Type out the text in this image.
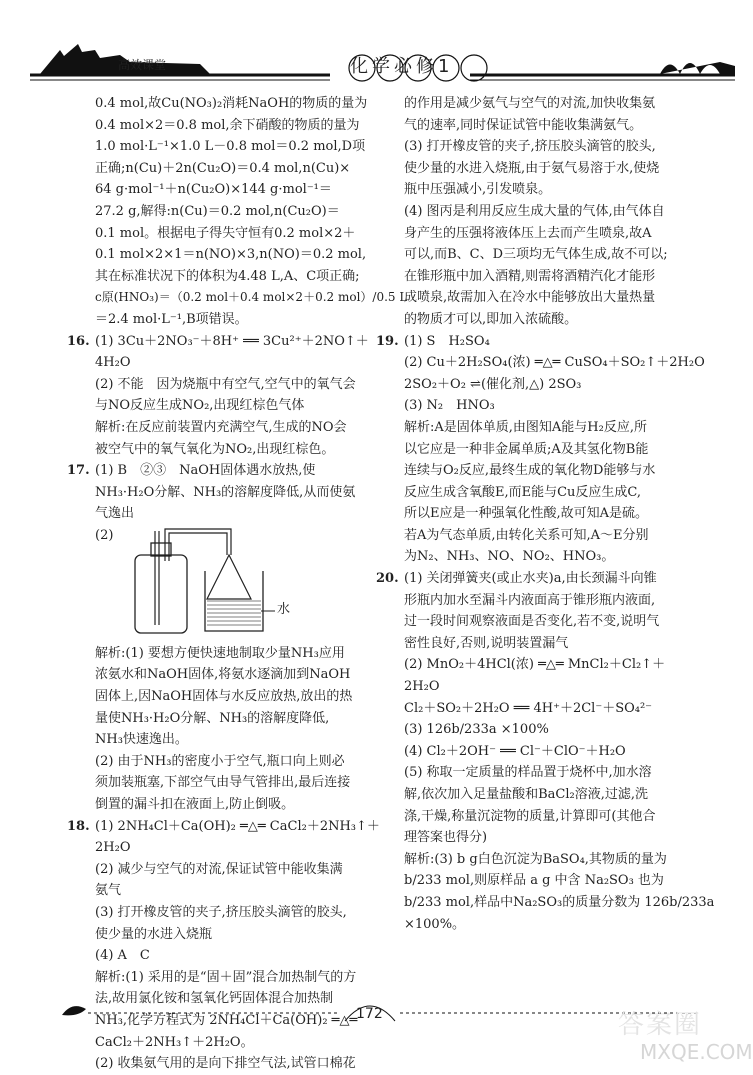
高效课堂	化学必修1
0.4 mol,故Cu(NO₃)₂消耗NaOH的物质的量为
0.4 mol×2＝0.8 mol,余下硝酸的物质的量为
1.0 mol·L⁻¹×1.0 L－0.8 mol＝0.2 mol,D项
正确;n(Cu)＋2n(Cu₂O)＝0.4 mol,n(Cu)×
64 g·mol⁻¹＋n(Cu₂O)×144 g·mol⁻¹＝
27.2 g,解得:n(Cu)＝0.2 mol,n(Cu₂O)＝
0.1 mol。根据电子得失守恒有0.2 mol×2＋
0.1 mol×2×1＝n(NO)×3,n(NO)＝0.2 mol,
其在标准状况下的体积为4.48 L,A、C项正确;
c原(HNO₃)＝（0.2 mol＋0.4 mol×2＋0.2 mol）/0.5 L
＝2.4 mol·L⁻¹,B项错误。
16. (1) 3Cu＋2NO₃⁻＋8H⁺ ══ 3Cu²⁺＋2NO↑＋
4H₂O
(2) 不能　因为烧瓶中有空气,空气中的氧气会
与NO反应生成NO₂,出现红棕色气体
解析:在反应前装置内充满空气,生成的NO会
被空气中的氧气氧化为NO₂,出现红棕色。
17. (1) B　②③　NaOH固体遇水放热,使
NH₃·H₂O分解、NH₃的溶解度降低,从而使氨
气逸出
(2)
水
解析:(1) 要想方便快速地制取少量NH₃应用
浓氨水和NaOH固体,将氨水逐滴加到NaOH
固体上,因NaOH固体与水反应放热,放出的热
量使NH₃·H₂O分解、NH₃的溶解度降低,
NH₃快速逸出。
(2) 由于NH₃的密度小于空气,瓶口向上则必
须加装瓶塞,下部空气由导气管排出,最后连接
倒置的漏斗扣在液面上,防止倒吸。
18. (1) 2NH₄Cl＋Ca(OH)₂ ═△═ CaCl₂＋2NH₃↑＋
2H₂O
(2) 减少与空气的对流,保证试管中能收集满
氨气
(3) 打开橡皮管的夹子,挤压胶头滴管的胶头,
使少量的水进入烧瓶
(4) A　C
解析:(1) 采用的是“固＋固”混合加热制气的方
法,故用氯化铵和氢氧化钙固体混合加热制
NH₃,化学方程式为 2NH₄Cl＋Ca(OH)₂ ═△═
CaCl₂＋2NH₃↑＋2H₂O。
(2) 收集氨气用的是向下排空气法,试管口棉花
的作用是减少氨气与空气的对流,加快收集氨
气的速率,同时保证试管中能收集满氨气。
(3) 打开橡皮管的夹子,挤压胶头滴管的胶头,
使少量的水进入烧瓶,由于氨气易溶于水,使烧
瓶中压强减小,引发喷泉。
(4) 图丙是利用反应生成大量的气体,由气体自
身产生的压强将液体压上去而产生喷泉,故A
可以,而B、C、D三项均无气体生成,故不可以;
在锥形瓶中加入酒精,则需将酒精汽化才能形
成喷泉,故需加入在冷水中能够放出大量热量
的物质才可以,即加入浓硫酸。
19. (1) S　H₂SO₄
(2) Cu＋2H₂SO₄(浓) ═△═ CuSO₄＋SO₂↑＋2H₂O
2SO₂＋O₂ ⇌(催化剂,△) 2SO₃
(3) N₂　HNO₃
解析:A是固体单质,由图知A能与H₂反应,所
以它应是一种非金属单质;A及其氢化物B能
连续与O₂反应,最终生成的氧化物D能够与水
反应生成含氧酸E,而E能与Cu反应生成C,
所以E应是一种强氧化性酸,故可知A是硫。
若A为气态单质,由转化关系可知,A～E分别
为N₂、NH₃、NO、NO₂、HNO₃。
20. (1) 关闭弹簧夹(或止水夹)a,由长颈漏斗向锥
形瓶内加水至漏斗内液面高于锥形瓶内液面,
过一段时间观察液面是否变化,若不变,说明气
密性良好,否则,说明装置漏气
(2) MnO₂＋4HCl(浓) ═△═ MnCl₂＋Cl₂↑＋
2H₂O
Cl₂＋SO₂＋2H₂O ══ 4H⁺＋2Cl⁻＋SO₄²⁻
(3) 126b/233a ×100%
(4) Cl₂＋2OH⁻ ══ Cl⁻＋ClO⁻＋H₂O
(5) 称取一定质量的样品置于烧杯中,加水溶
解,依次加入足量盐酸和BaCl₂溶液,过滤,洗
涤,干燥,称量沉淀物的质量,计算即可(其他合
理答案也得分)
解析:(3) b g白色沉淀为BaSO₄,其物质的量为
b/233 mol,则原样品 a g 中含 Na₂SO₃ 也为
b/233 mol,样品中Na₂SO₃的质量分数为 126b/233a
×100%。
172	答案圈
MXQE.COM
